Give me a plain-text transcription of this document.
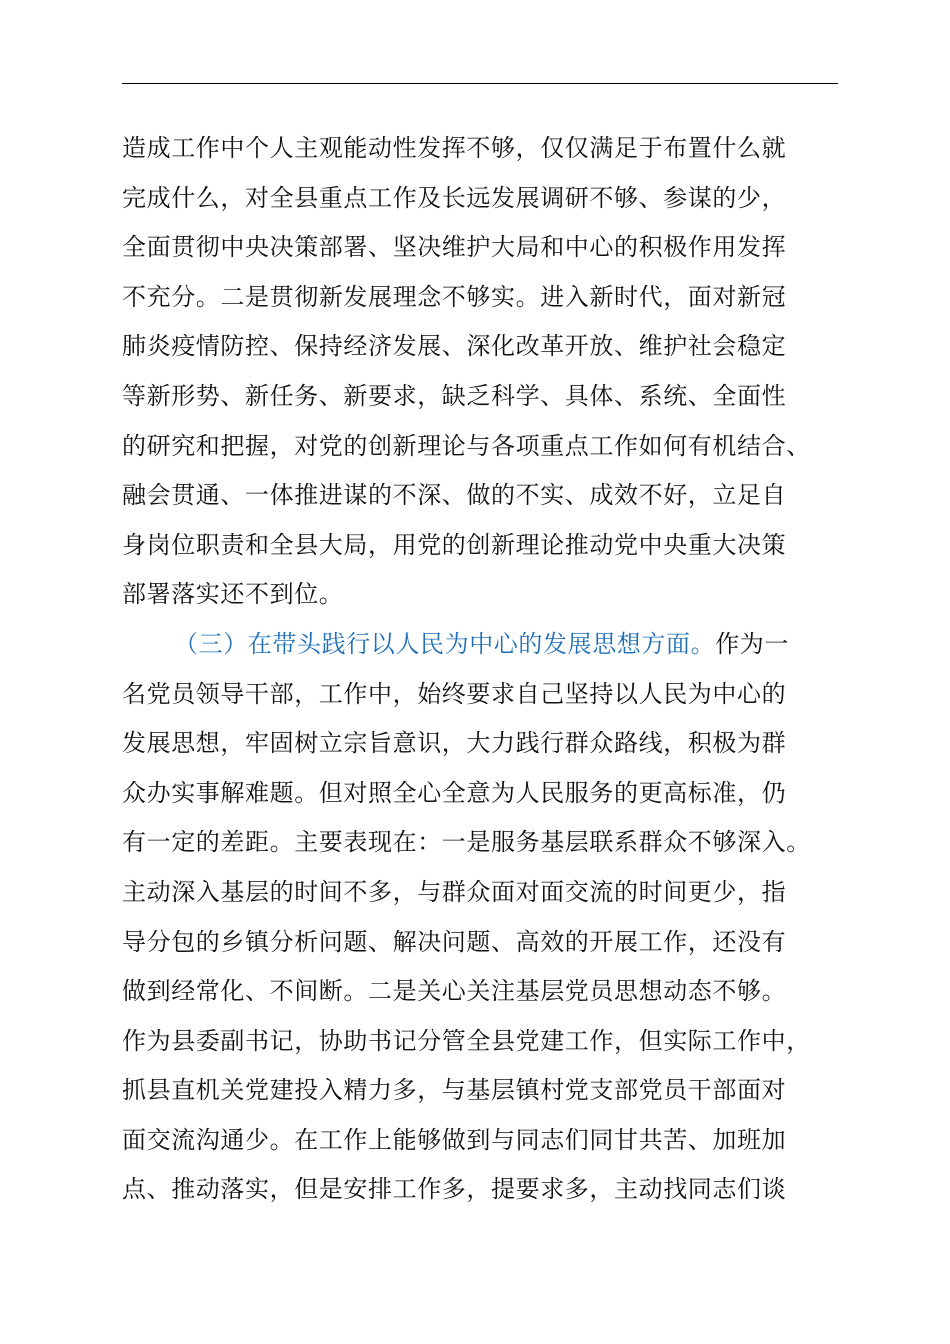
造成工作中个人主观能动性发挥不够，仅仅满足于布置什么就
完成什么，对全县重点工作及长远发展调研不够、参谋的少，
全面贯彻中央决策部署、坚决维护大局和中心的积极作用发挥
不充分。二是贯彻新发展理念不够实。进入新时代，面对新冠
肺炎疫情防控、保持经济发展、深化改革开放、维护社会稳定
等新形势、新任务、新要求，缺乏科学、具体、系统、全面性
的研究和把握，对党的创新理论与各项重点工作如何有机结合、
融会贯通、一体推进谋的不深、做的不实、成效不好，立足自
身岗位职责和全县大局，用党的创新理论推动党中央重大决策
部署落实还不到位。
（三）在带头践行以人民为中心的发展思想方面。作为一
名党员领导干部，工作中，始终要求自己坚持以人民为中心的
发展思想，牢固树立宗旨意识，大力践行群众路线，积极为群
众办实事解难题。但对照全心全意为人民服务的更高标准，仍
有一定的差距。主要表现在：一是服务基层联系群众不够深入。
主动深入基层的时间不多，与群众面对面交流的时间更少，指
导分包的乡镇分析问题、解决问题、高效的开展工作，还没有
做到经常化、不间断。二是关心关注基层党员思想动态不够。
作为县委副书记，协助书记分管全县党建工作，但实际工作中，
抓县直机关党建投入精力多，与基层镇村党支部党员干部面对
面交流沟通少。在工作上能够做到与同志们同甘共苦、加班加
点、推动落实，但是安排工作多，提要求多，主动找同志们谈
